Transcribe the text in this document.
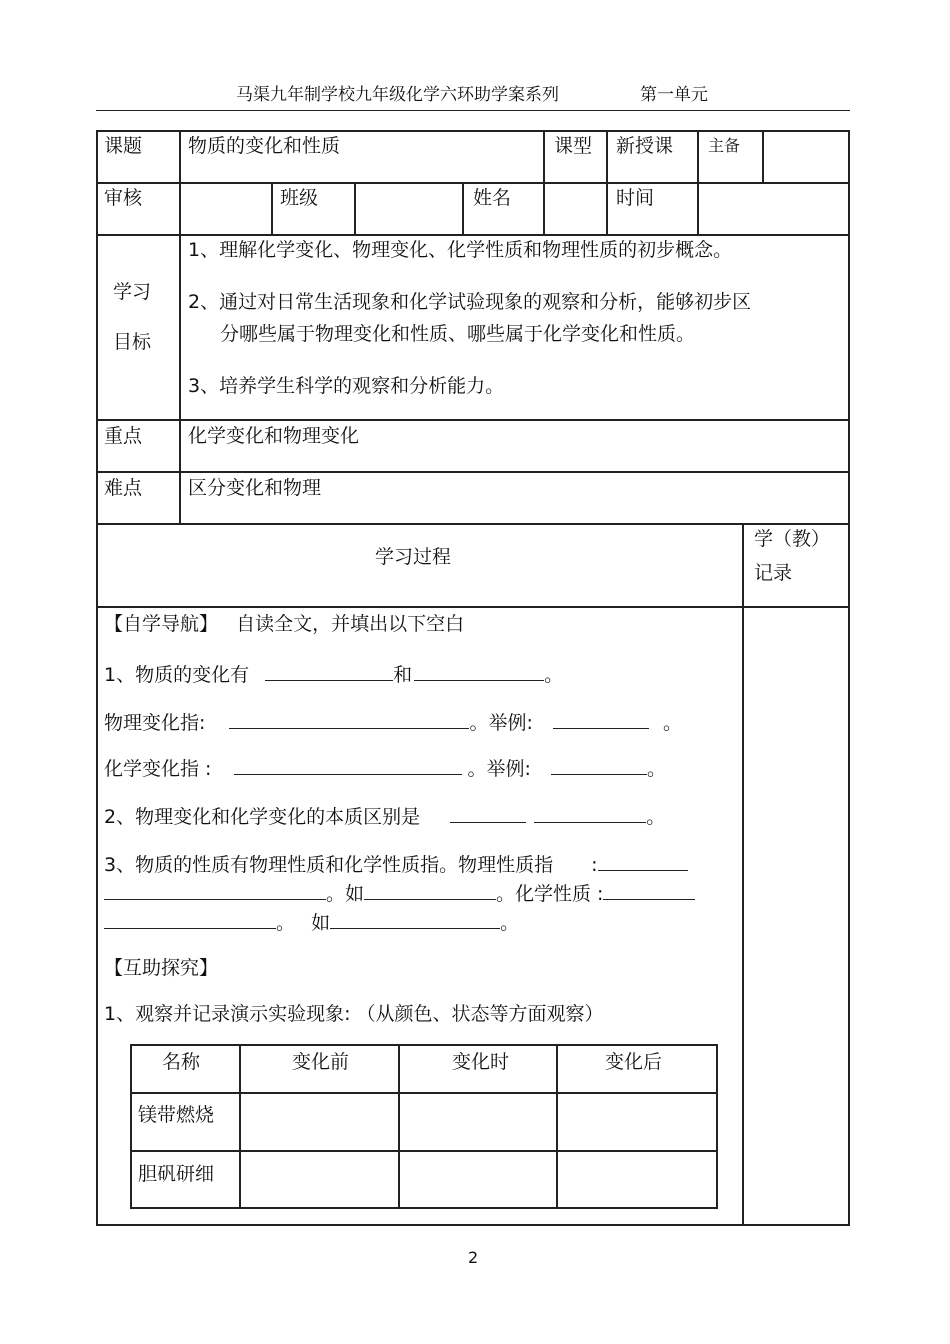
马渠九年制学校九年级化学六环助学案系列	第一单元
课题 物质的变化和性质	课型 新授课 主备
审核	班级	姓名	时间
学习
目标
1、理解化学变化、物理变化、化学性质和物理性质的初步概念。
2、通过对日常生活现象和化学试验现象的观察和分析，能够初步区
分哪些属于物理变化和性质、哪些属于化学变化和性质。
3、培养学生科学的观察和分析能力。
重点 化学变化和物理变化
难点 区分变化和物理
学习过程
学（教）
记录
【自学导航】 自读全文，并填出以下空白
1、物质的变化有	和	。
物理变化指:	。举例:	。
化学变化指 :	。举例:	。
2、物理变化和化学变化的本质区别是	。
3、物质的性质有物理性质和化学性质指。物理性质指 :
。如	。化学性质 :
。 如	。
【互助探究】
1、观察并记录演示实验现象: （从颜色、状态等方面观察）
名称	变化前	变化时	变化后
镁带燃烧
胆矾研细
2
